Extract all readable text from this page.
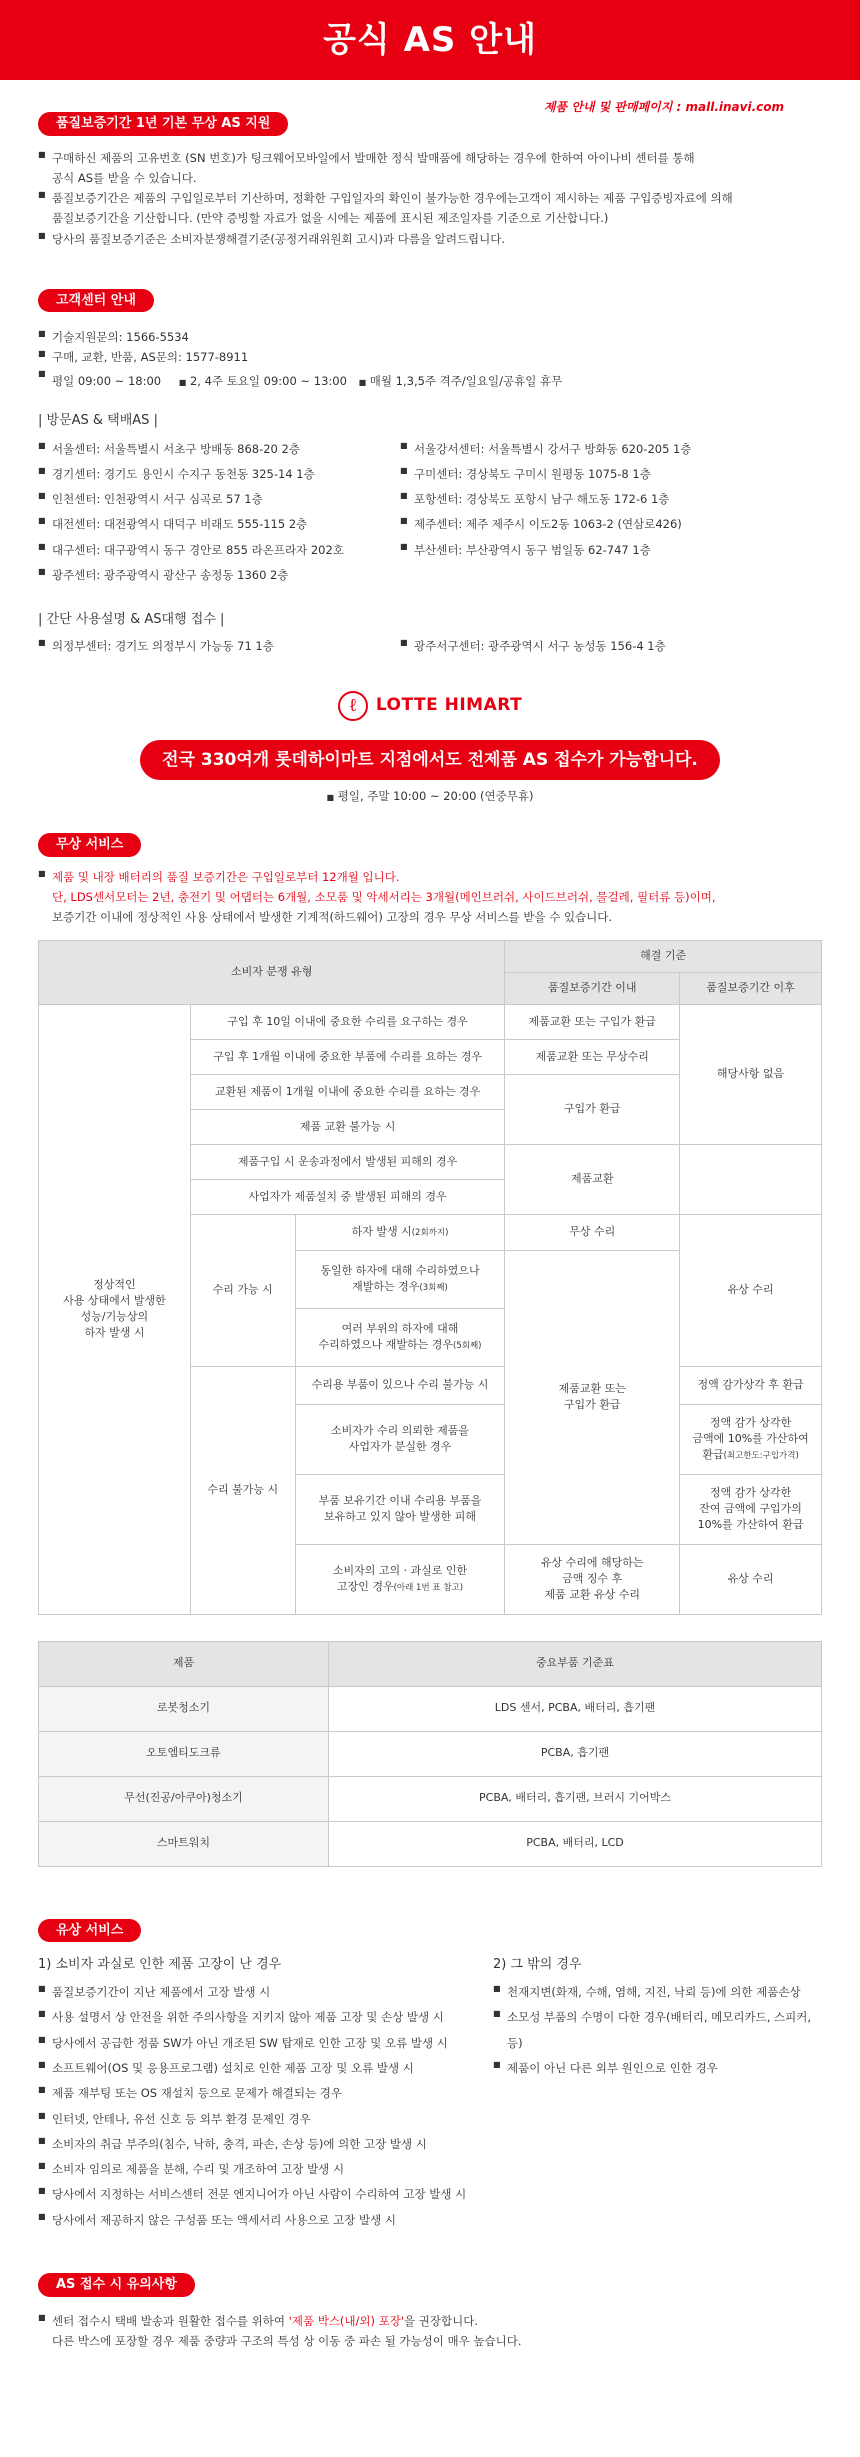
공식 AS 안내
제품 안내 및 판매페이지 : mall.inavi.com
품질보증기간 1년 기본 무상 AS 지원
■ 구매하신 제품의 고유번호 (SN 번호)가 팅크웨어모바일에서 발매한 정식 발매품에 해당하는 경우에 한하여 아이나비 센터를 통해
공식 AS를 받을 수 있습니다.
■ 품질보증기간은 제품의 구입일로부터 기산하며, 정확한 구입일자의 확인이 불가능한 경우에는고객이 제시하는 제품 구입증빙자료에 의해
품질보증기간을 기산합니다. (만약 증빙할 자료가 없을 시에는 제품에 표시된 제조일자를 기준으로 기산합니다.)
■ 당사의 품질보증기준은 소비자분쟁해결기준(공정거래위원회 고시)과 다름을 알려드립니다.
고객센터 안내
■ 기술지원문의: 1566-5534
■ 구매, 교환, 반품, AS문의: 1577-8911
■ 평일 09:00 ~ 18:00 ■ 2, 4주 토요일 09:00 ~ 13:00 ■ 매월 1,3,5주 격주/일요일/공휴일 휴무
| 방문AS & 택배AS |
■ 서울센터: 서울특별시 서초구 방배동 868-20 2층
■ 경기센터: 경기도 용인시 수지구 동천동 325-14 1층
■ 인천센터: 인천광역시 서구 심곡로 57 1층
■ 대전센터: 대전광역시 대덕구 비래도 555-115 2층
■ 대구센터: 대구광역시 동구 경안로 855 라온프라자 202호
■ 광주센터: 광주광역시 광산구 송정동 1360 2층
■ 서울강서센터: 서울특별시 강서구 방화동 620-205 1층
■ 구미센터: 경상북도 구미시 원평동 1075-8 1층
■ 포항센터: 경상북도 포항시 남구 해도동 172-6 1층
■ 제주센터: 제주 제주시 이도2동 1063-2 (연삼로426)
■ 부산센터: 부산광역시 동구 범일동 62-747 1층
| 간단 사용설명 & AS대행 접수 |
■ 의정부센터: 경기도 의정부시 가능동 71 1층	■ 광주서구센터: 광주광역시 서구 농성동 156-4 1층
ℓ	LOTTE HIMART
전국 330여개 롯데하이마트 지점에서도 전제품 AS 접수가 가능합니다.
■ 평일, 주말 10:00 ~ 20:00 (연중무휴)
무상 서비스
■ 제품 및 내장 배터리의 품질 보증기간은 구입일로부터 12개월 입니다.
단, LDS센서모터는 2년, 충전기 및 어댑터는 6개월, 소모품 및 악세서리는 3개월(메인브러쉬, 사이드브러쉬, 물걸레, 필터류 등)이며,
보증기간 이내에 정상적인 사용 상태에서 발생한 기계적(하드웨어) 고장의 경우 무상 서비스를 받을 수 있습니다.
소비자 분쟁 유형			해결 기준	
			품질보증기간 이내	품질보증기간 이후
정상적인
사용 상태에서 발생한
성능/기능상의
하자 발생 시	구입 후 10일 이내에 중요한 수리를 요구하는 경우		제품교환 또는 구입가 환급	해당사항 없음
	구입 후 1개월 이내에 중요한 부품에 수리를 요하는 경우		제품교환 또는 무상수리	
	교환된 제품이 1개월 이내에 중요한 수리를 요하는 경우		구입가 환급	
	제품 교환 불가능 시			
	제품구입 시 운송과정에서 발생된 피해의 경우		제품교환	
	사업자가 제품설치 중 발생된 피해의 경우			
	수리 가능 시	하자 발생 시(2회까지)	무상 수리	유상 수리
		동일한 하자에 대해 수리하였으나
재발하는 경우(3회째)	제품교환 또는
구입가 환급	
		여러 부위의 하자에 대해
수리하였으나 재발하는 경우(5회째)		
	수리 불가능 시	수리용 부품이 있으나 수리 불가능 시		정액 감가상각 후 환급
		소비자가 수리 의뢰한 제품을
사업자가 분실한 경우		정액 감가 상각한
금액에 10%를 가산하여
환급(최고한도:구입가격)
		부품 보유기간 이내 수리용 부품을
보유하고 있지 않아 발생한 피해		정액 감가 상각한
잔여 금액에 구입가의
10%를 가산하여 환급
		소비자의 고의 · 과실로 인한
고장인 경우(아래 1번 표 참고)	유상 수리에 해당하는
금액 징수 후
제품 교환 유상 수리	유상 수리
제품	중요부품 기준표
로봇청소기	LDS 센서, PCBA, 배터리, 흡기팬
오토엠티도크류	PCBA, 흡기팬
무선(진공/아쿠아)청소기	PCBA, 배터리, 흡기팬, 브러시 기어박스
스마트워치	PCBA, 배터리, LCD
유상 서비스
1) 소비자 과실로 인한 제품 고장이 난 경우
■ 품질보증기간이 지난 제품에서 고장 발생 시
■ 사용 설명서 상 안전을 위한 주의사항을 지키지 않아 제품 고장 및 손상 발생 시
■ 당사에서 공급한 정품 SW가 아닌 개조된 SW 탑재로 인한 고장 및 오류 발생 시
■ 소프트웨어(OS 및 응용프로그램) 설치로 인한 제품 고장 및 오류 발생 시
■ 제품 재부팅 또는 OS 재설치 등으로 문제가 해결되는 경우
■ 인터넷, 안테나, 유선 신호 등 외부 환경 문제인 경우
■ 소비자의 취급 부주의(침수, 낙하, 충격, 파손, 손상 등)에 의한 고장 발생 시
■ 소비자 임의로 제품을 분해, 수리 및 개조하여 고장 발생 시
■ 당사에서 지정하는 서비스센터 전문 엔지니어가 아닌 사람이 수리하여 고장 발생 시
■ 당사에서 제공하지 않은 구성품 또는 액세서리 사용으로 고장 발생 시
2) 그 밖의 경우
■ 천재지변(화재, 수해, 염해, 지진, 낙뢰 등)에 의한 제품손상
■ 소모성 부품의 수명이 다한 경우(배터리, 메모리카드, 스피커, 등)
■ 제품이 아닌 다른 외부 원인으로 인한 경우
AS 접수 시 유의사항
■ 센터 접수시 택배 발송과 원활한 접수를 위하여 '제품 박스(내/외) 포장'을 권장합니다.
다른 박스에 포장할 경우 제품 중량과 구조의 특성 상 이동 중 파손 될 가능성이 매우 높습니다.
